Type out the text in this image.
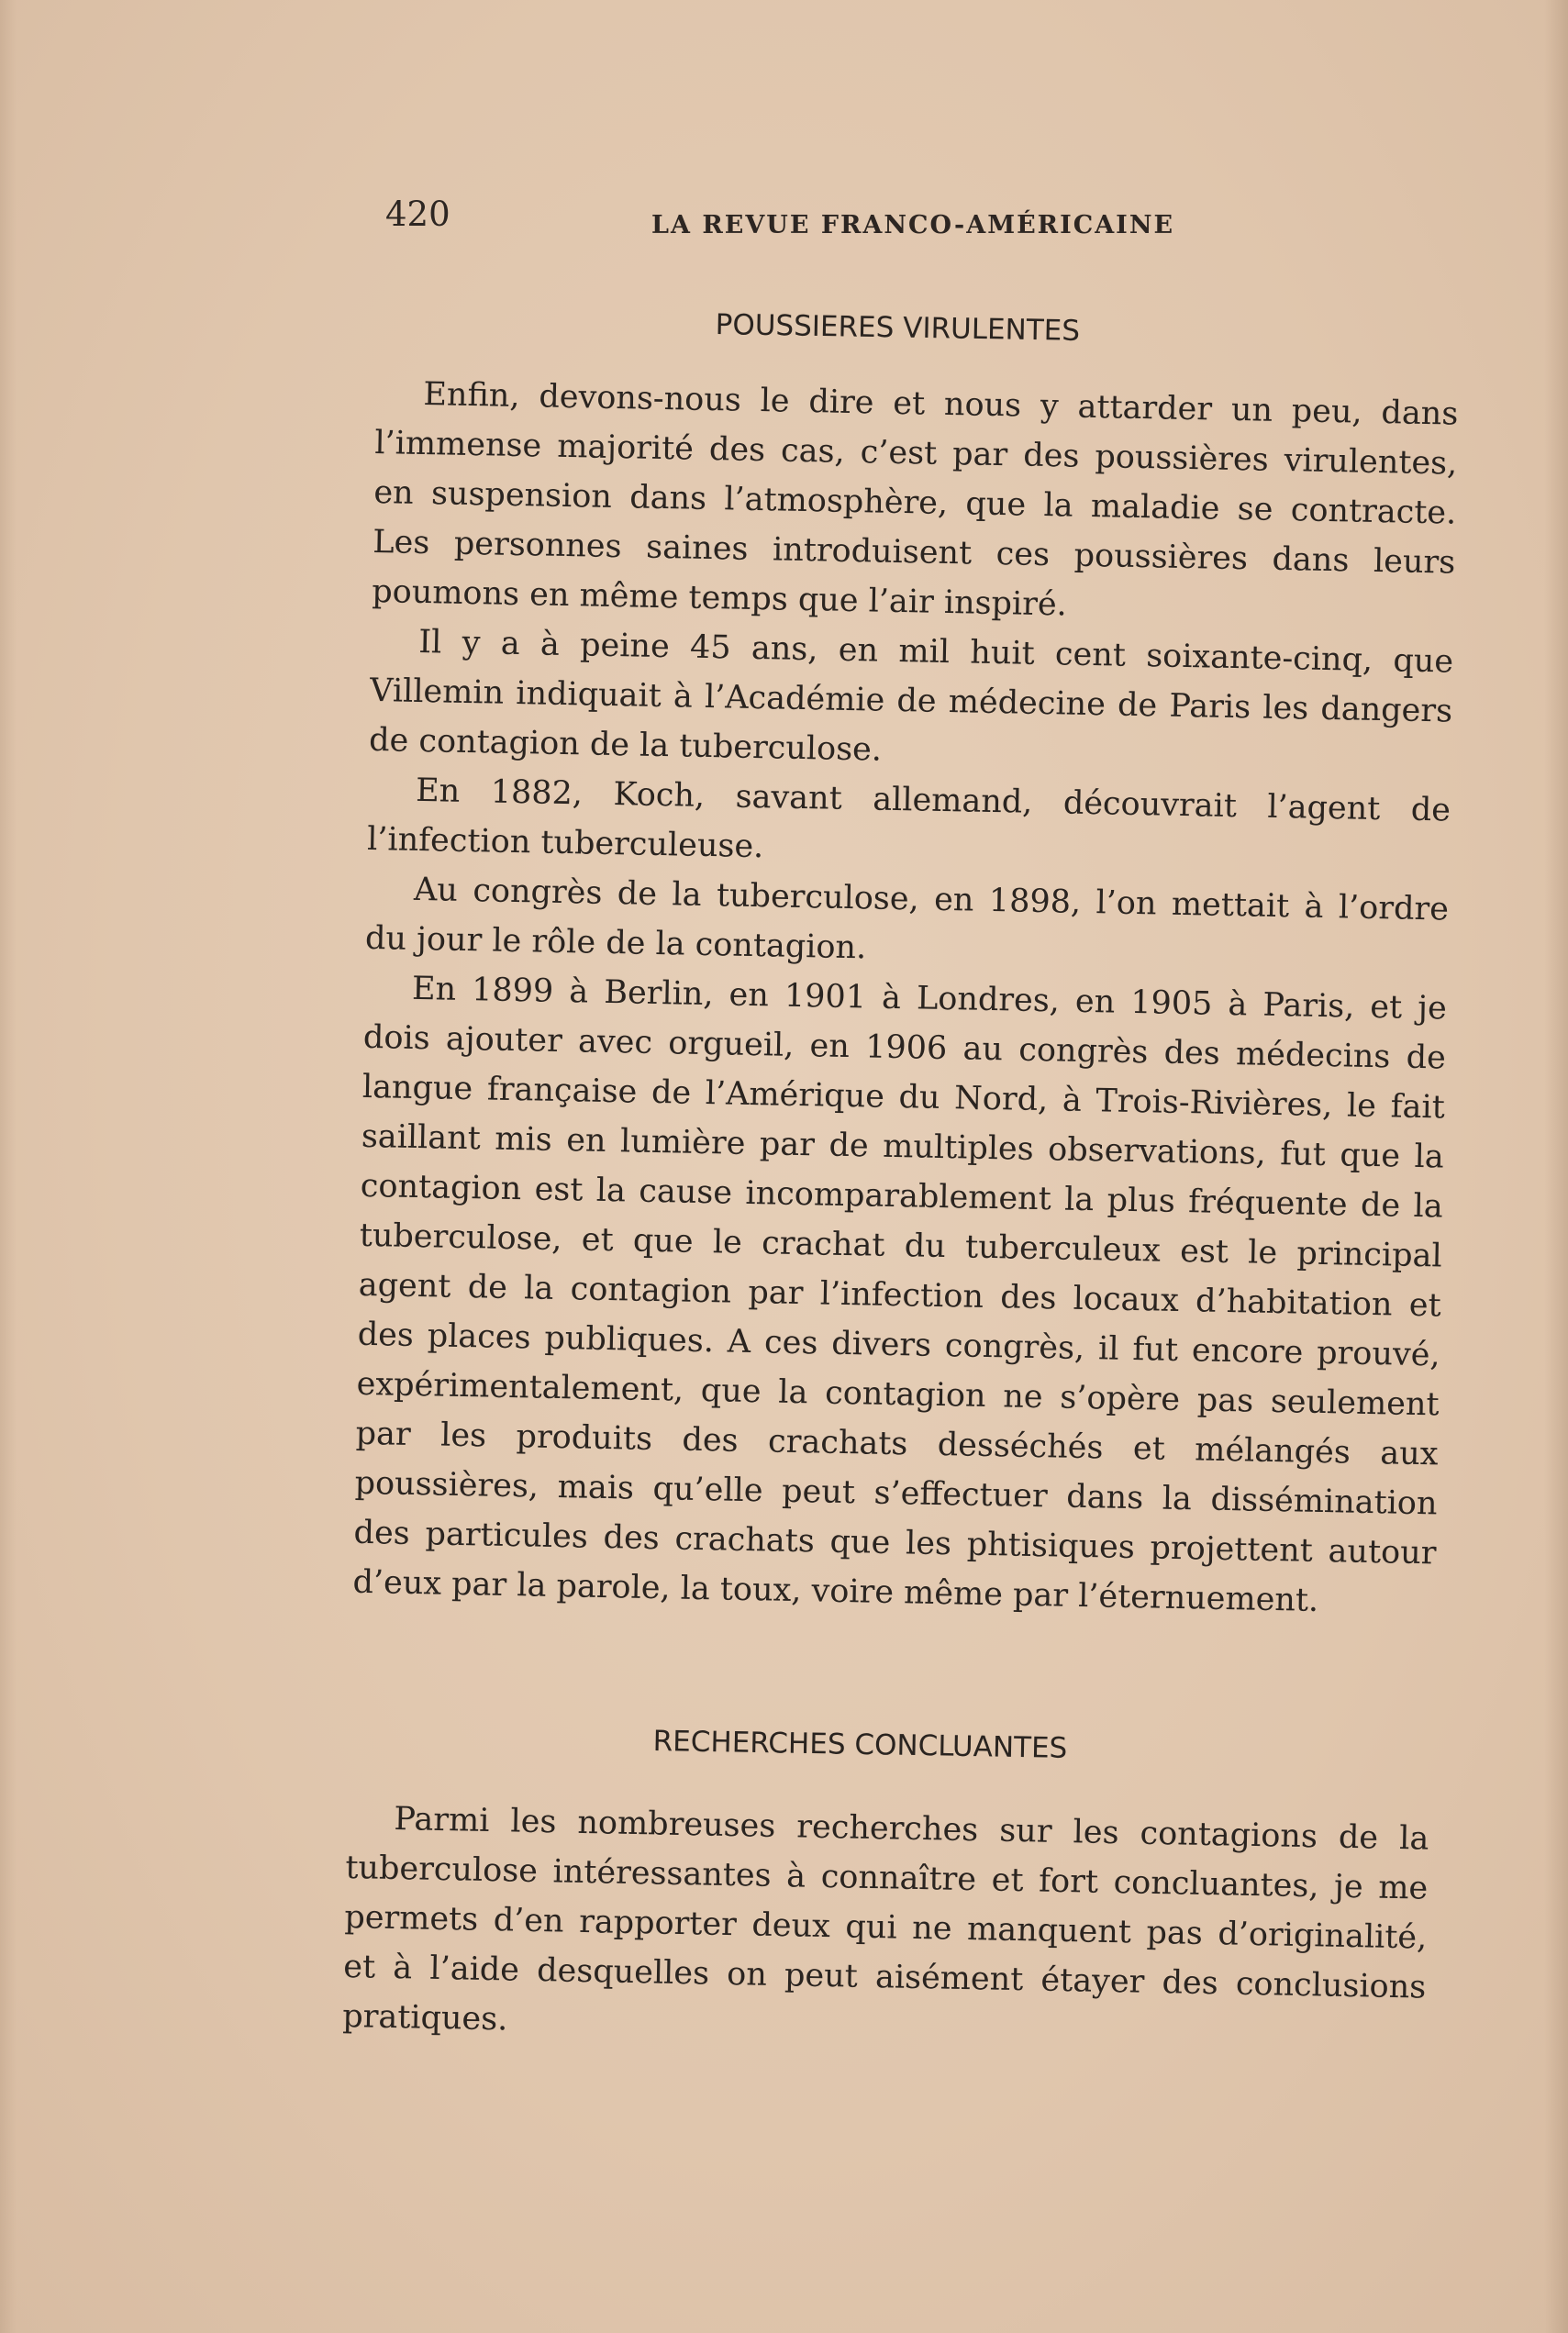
420	LA REVUE FRANCO-AMÉRICAINE
POUSSIERES VIRULENTES

Enfin, devons-nous le dire et nous y attarder un peu, dans l’immense majorité des cas, c’est par des poussières virulentes, en suspension dans l’atmosphère, que la maladie se contracte. Les personnes saines introduisent ces poussières dans leurs poumons en même temps que l’air inspiré.

Il y a à peine 45 ans, en mil huit cent soixante-cinq, que Villemin indiquait à l’Académie de médecine de Paris les dangers de contagion de la tuberculose.

En 1882, Koch, savant allemand, découvrait l’agent de l’infection tuberculeuse.

Au congrès de la tuberculose, en 1898, l’on mettait à l’ordre du jour le rôle de la contagion.

En 1899 à Berlin, en 1901 à Londres, en 1905 à Paris, et je dois ajouter avec orgueil, en 1906 au congrès des médecins de langue française de l’Amérique du Nord, à Trois-Rivières, le fait saillant mis en lumière par de multiples observations, fut que la contagion est la cause incomparablement la plus fréquente de la tuberculose, et que le crachat du tuberculeux est le principal agent de la contagion par l’infection des locaux d’habitation et des places publiques. A ces divers congrès, il fut encore prouvé, expérimentalement, que la contagion ne s’opère pas seulement par les produits des crachats desséchés et mélangés aux poussières, mais qu’elle peut s’effectuer dans la dissémination des particules des crachats que les phtisiques projettent autour d’eux par la parole, la toux, voire même par l’éternuement.

RECHERCHES CONCLUANTES

Parmi les nombreuses recherches sur les contagions de la tuberculose intéressantes à connaître et fort concluantes, je me permets d’en rapporter deux qui ne manquent pas d’originalité, et à l’aide desquelles on peut aisément étayer des conclusions pratiques.
